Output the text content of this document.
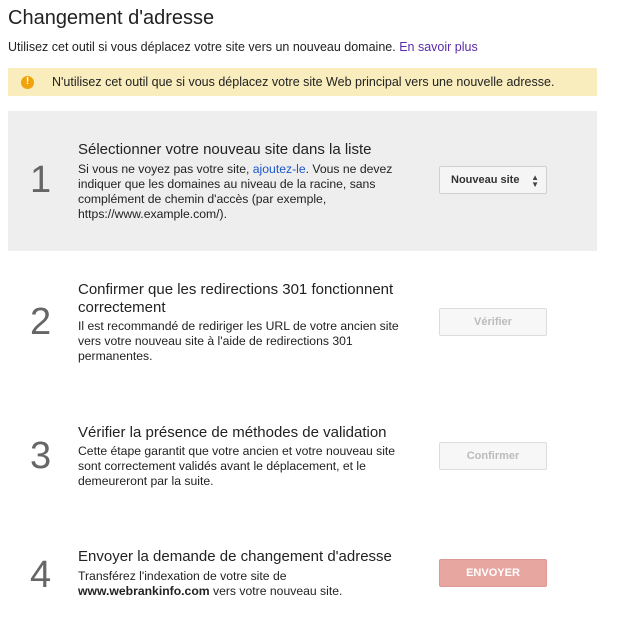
Changement d'adresse
Utilisez cet outil si vous déplacez votre site vers un nouveau domaine. En savoir plus
!	N'utilisez cet outil que si vous déplacez votre site Web principal vers une nouvelle adresse.
1
Sélectionner votre nouveau site dans la liste
Si vous ne voyez pas votre site, ajoutez-le. Vous ne devez indiquer que les domaines au niveau de la racine, sans complément de chemin d'accès (par exemple, https://www.example.com/).
Nouveau site ▲
▼
2
Confirmer que les redirections 301 fonctionnent correctement
Il est recommandé de rediriger les URL de votre ancien site vers votre nouveau site à l'aide de redirections 301 permanentes.
Vérifier
3
Vérifier la présence de méthodes de validation
Cette étape garantit que votre ancien et votre nouveau site sont correctement validés avant le déplacement, et le demeureront par la suite.
Confirmer
4 Envoyer la demande de changement d'adresse
Transférez l'indexation de votre site de www.webrankinfo.com vers votre nouveau site.
ENVOYER
